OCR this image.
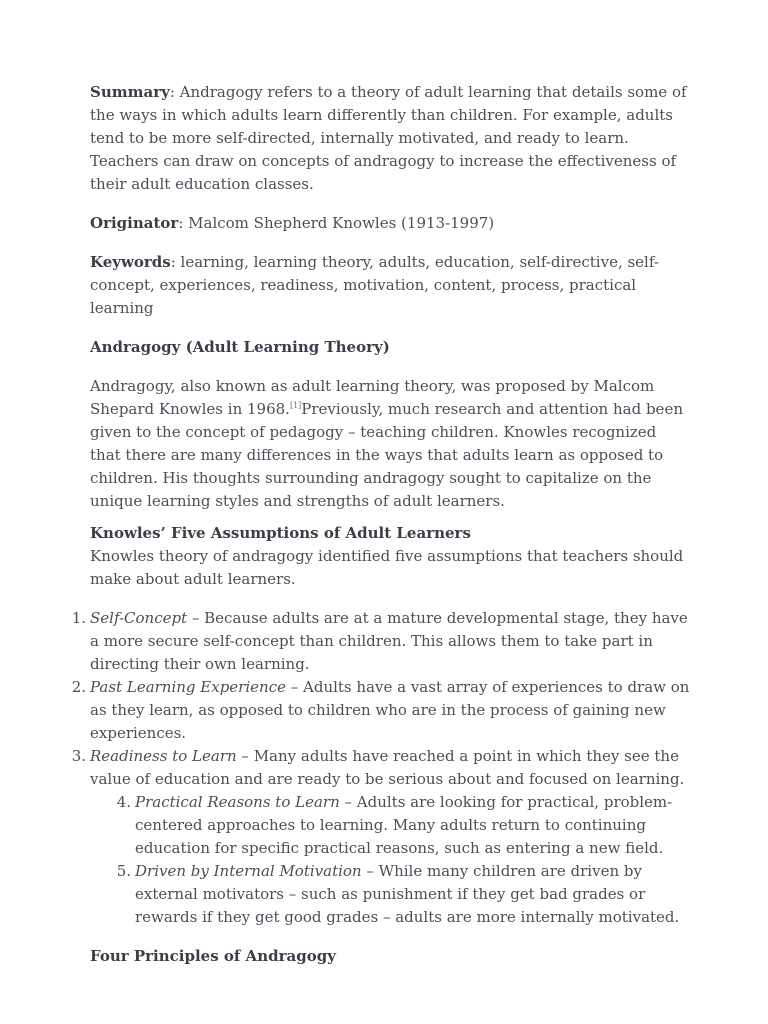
Summary: Andragogy refers to a theory of adult learning that details some of the ways in which adults learn differently than children. For example, adults tend to be more self-directed, internally motivated, and ready to learn. Teachers can draw on concepts of andragogy to increase the effectiveness of their adult education classes.

Originator: Malcom Shepherd Knowles (1913-1997)

Keywords: learning, learning theory, adults, education, self-directive, self-concept, experiences, readiness, motivation, content, process, practical learning

Andragogy (Adult Learning Theory)

Andragogy, also known as adult learning theory, was proposed by Malcom Shepard Knowles in 1968.[1]Previously, much research and attention had been given to the concept of pedagogy – teaching children. Knowles recognized that there are many differences in the ways that adults learn as opposed to children. His thoughts surrounding andragogy sought to capitalize on the unique learning styles and strengths of adult learners.

Knowles’ Five Assumptions of Adult Learners

Knowles theory of andragogy identified five assumptions that teachers should make about adult learners.

1. Self-Concept – Because adults are at a mature developmental stage, they have a more secure self-concept than children. This allows them to take part in directing their own learning.
2. Past Learning Experience – Adults have a vast array of experiences to draw on as they learn, as opposed to children who are in the process of gaining new experiences.
3. Readiness to Learn – Many adults have reached a point in which they see the value of education and are ready to be serious about and focused on learning.
4. Practical Reasons to Learn – Adults are looking for practical, problem-centered approaches to learning. Many adults return to continuing education for specific practical reasons, such as entering a new field.
5. Driven by Internal Motivation – While many children are driven by external motivators – such as punishment if they get bad grades or rewards if they get good grades – adults are more internally motivated.

Four Principles of Andragogy
